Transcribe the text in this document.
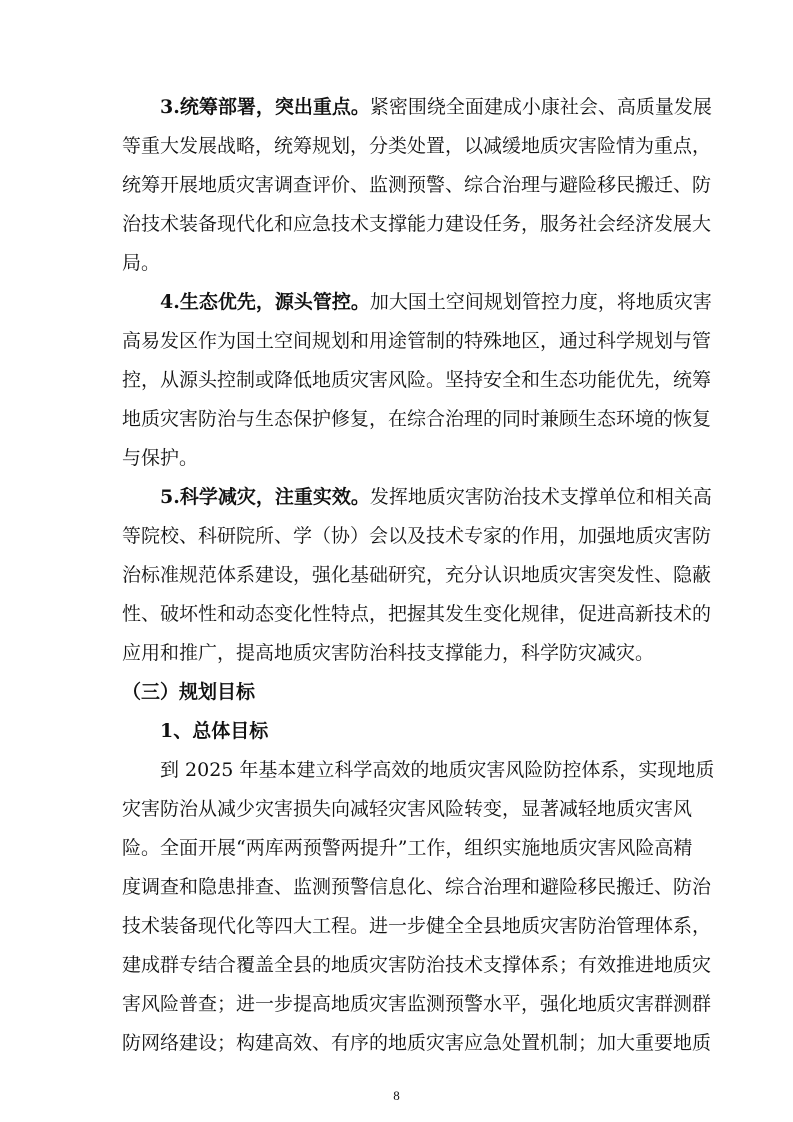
3.统筹部署，突出重点。紧密围绕全面建成小康社会、高质量发展
等重大发展战略，统筹规划，分类处置，以减缓地质灾害险情为重点，
统筹开展地质灾害调查评价、监测预警、综合治理与避险移民搬迁、防
治技术装备现代化和应急技术支撑能力建设任务，服务社会经济发展大
局。
4.生态优先，源头管控。加大国土空间规划管控力度，将地质灾害
高易发区作为国土空间规划和用途管制的特殊地区，通过科学规划与管
控，从源头控制或降低地质灾害风险。坚持安全和生态功能优先，统筹
地质灾害防治与生态保护修复，在综合治理的同时兼顾生态环境的恢复
与保护。
5.科学减灾，注重实效。发挥地质灾害防治技术支撑单位和相关高
等院校、科研院所、学（协）会以及技术专家的作用，加强地质灾害防
治标准规范体系建设，强化基础研究，充分认识地质灾害突发性、隐蔽
性、破坏性和动态变化性特点，把握其发生变化规律，促进高新技术的
应用和推广，提高地质灾害防治科技支撑能力，科学防灾减灾。
（三）规划目标
1、总体目标
到 2025 年基本建立科学高效的地质灾害风险防控体系，实现地质
灾害防治从减少灾害损失向减轻灾害风险转变，显著减轻地质灾害风
险。全面开展“两库两预警两提升”工作，组织实施地质灾害风险高精
度调查和隐患排查、监测预警信息化、综合治理和避险移民搬迁、防治
技术装备现代化等四大工程。进一步健全全县地质灾害防治管理体系，
建成群专结合覆盖全县的地质灾害防治技术支撑体系；有效推进地质灾
害风险普查；进一步提高地质灾害监测预警水平，强化地质灾害群测群
防网络建设；构建高效、有序的地质灾害应急处置机制；加大重要地质
8
